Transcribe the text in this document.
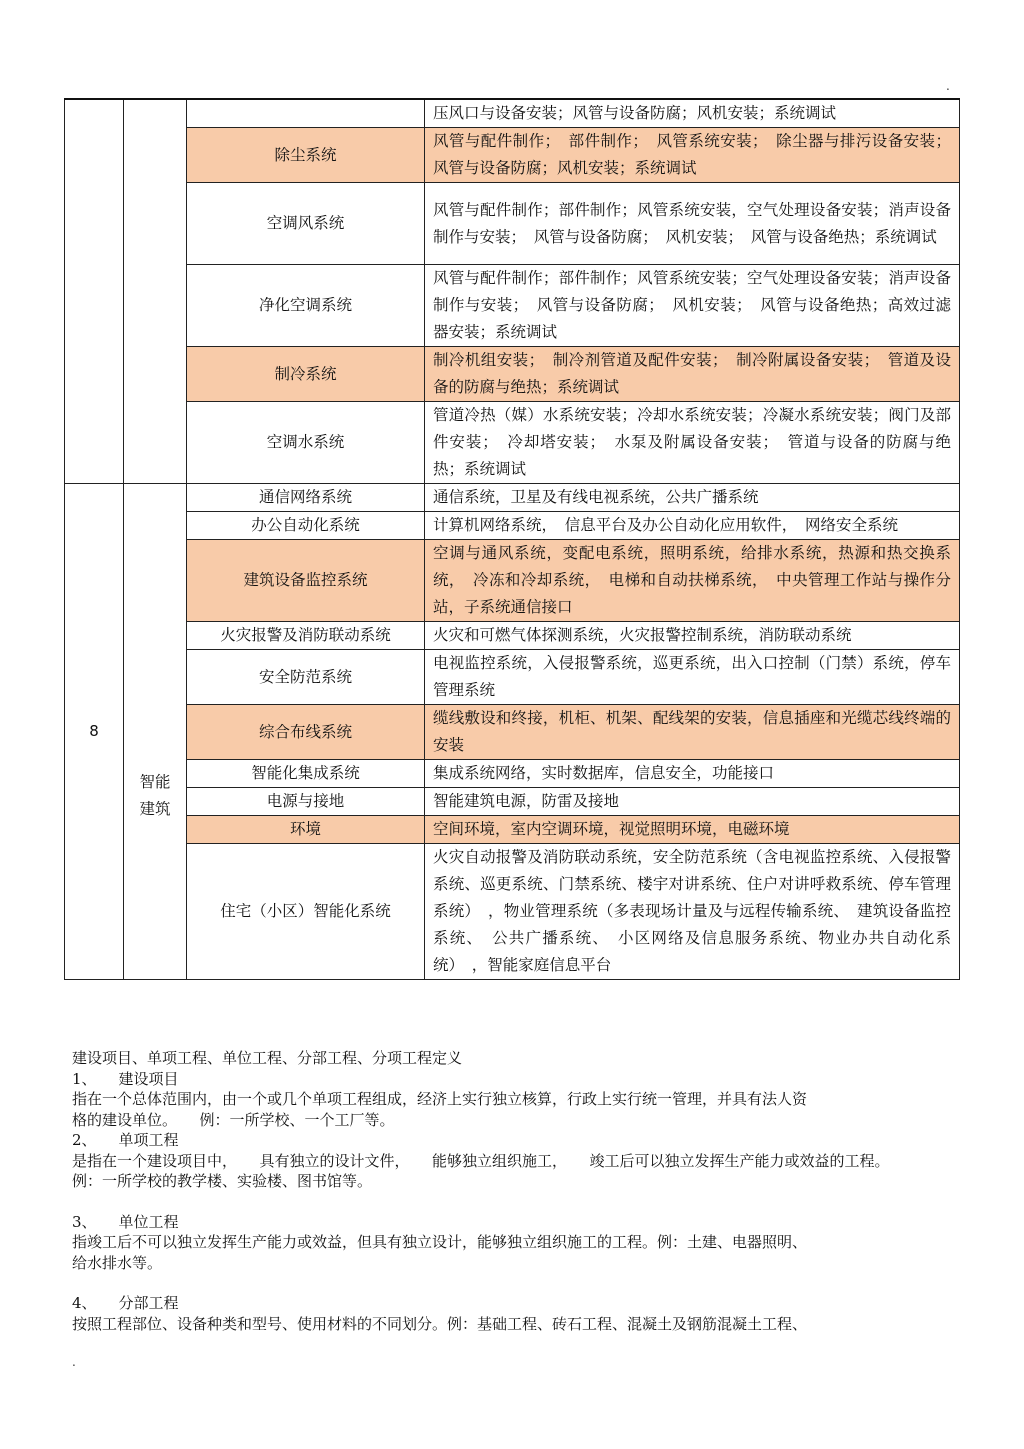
.
			压风口与设备安装；风管与设备防腐；风机安装；系统调试
		除尘系统	风管与配件制作；　部件制作；　风管系统安装；　除尘器与排污设备安装；风管与设备防腐；风机安装；系统调试
		空调风系统	风管与配件制作；部件制作；风管系统安装，空气处理设备安装；消声设备制作与安装；　风管与设备防腐；　风机安装；　风管与设备绝热；系统调试
		净化空调系统	风管与配件制作；部件制作；风管系统安装；空气处理设备安装；消声设备制作与安装；　风管与设备防腐；　风机安装；　风管与设备绝热；高效过滤器安装；系统调试
		制冷系统	制冷机组安装；　制冷剂管道及配件安装；　制冷附属设备安装；　管道及设备的防腐与绝热；系统调试
		空调水系统	管道冷热（媒）水系统安装；冷却水系统安装；冷凝水系统安装；阀门及部件安装；　冷却塔安装；　水泵及附属设备安装；　管道与设备的防腐与绝热；系统调试
8	智能建筑	通信网络系统	通信系统，卫星及有线电视系统，公共广播系统
		办公自动化系统	计算机网络系统，　信息平台及办公自动化应用软件，　网络安全系统
		建筑设备监控系统	空调与通风系统，变配电系统，照明系统，给排水系统，热源和热交换系统，　冷冻和冷却系统，　电梯和自动扶梯系统，　中央管理工作站与操作分站，子系统通信接口
		火灾报警及消防联动系统	火灾和可燃气体探测系统，火灾报警控制系统，消防联动系统
		安全防范系统	电视监控系统，入侵报警系统，巡更系统，出入口控制（门禁）系统，停车管理系统
		综合布线系统	缆线敷设和终接，机柜、机架、配线架的安装，信息插座和光缆芯线终端的安装
		智能化集成系统	集成系统网络，实时数据库，信息安全，功能接口
		电源与接地	智能建筑电源，防雷及接地
		环境	空间环境，室内空调环境，视觉照明环境，电磁环境
		住宅（小区）智能化系统	火灾自动报警及消防联动系统，安全防范系统（含电视监控系统、入侵报警系统、巡更系统、门禁系统、楼宇对讲系统、住户对讲呼救系统、停车管理系统）　，物业管理系统（多表现场计量及与远程传输系统、　建筑设备监控系统、　公共广播系统、　小区网络及信息服务系统、物业办共自动化系统）　，智能家庭信息平台

建设项目、单项工程、单位工程、分部工程、分项工程定义

1、 建设项目

指在一个总体范围内，由一个或几个单项工程组成，经济上实行独立核算，行政上实行统一管理，并具有法人资

格的建设单位。　　例：一所学校、一个工厂等。

2、 单项工程

是指在一个建设项目中，　　具有独立的设计文件，　　能够独立组织施工，　　竣工后可以独立发挥生产能力或效益的工程。

例：一所学校的教学楼、实验楼、图书馆等。

3、 单位工程

指竣工后不可以独立发挥生产能力或效益，但具有独立设计，能够独立组织施工的工程。例：土建、电器照明、

给水排水等。

4、 分部工程

按照工程部位、设备种类和型号、使用材料的不同划分。例：基础工程、砖石工程、混凝土及钢筋混凝土工程、

.
